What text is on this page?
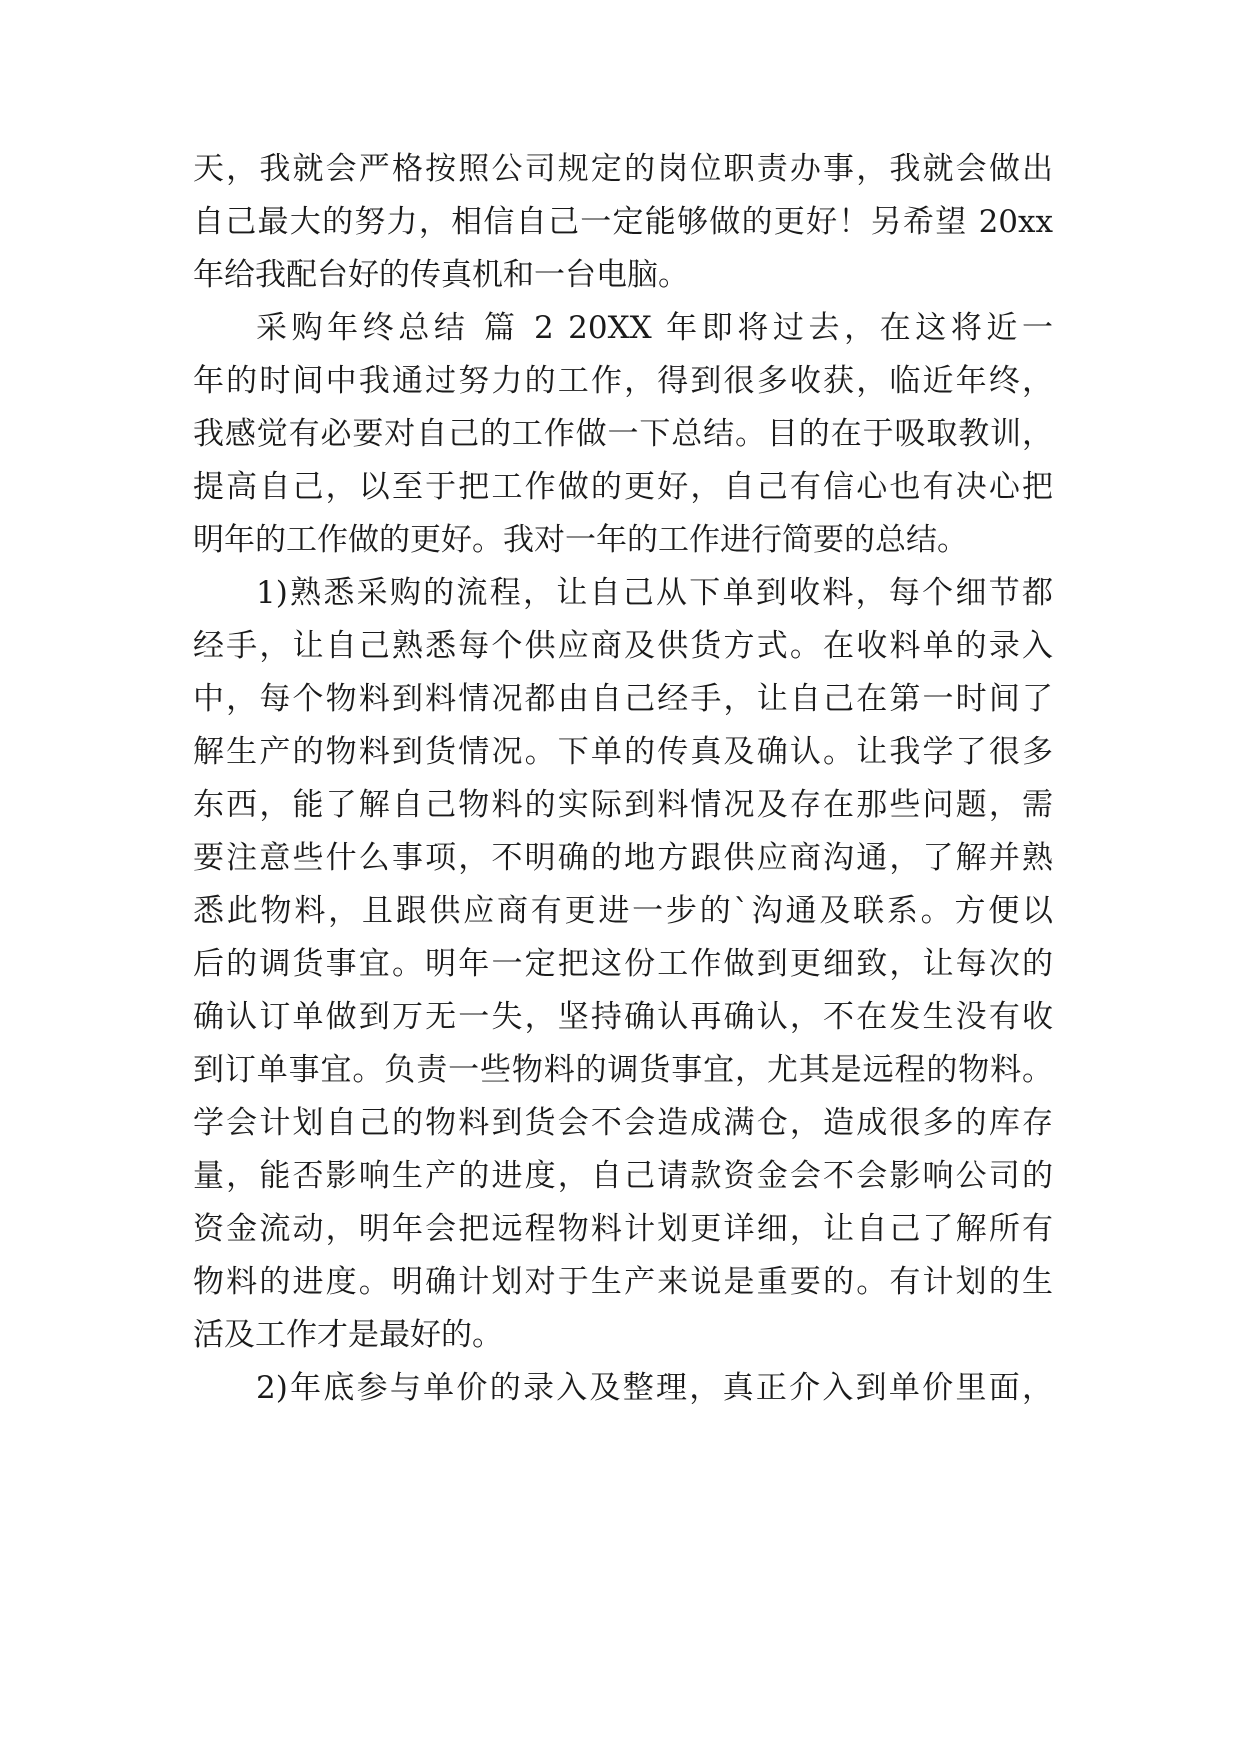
天，我就会严格按照公司规定的岗位职责办事，我就会做出
自己最大的努力，相信自己一定能够做的更好！另希望 20xx
年给我配台好的传真机和一台电脑。
采购年终总结 篇 2 20XX 年即将过去，在这将近一
年的时间中我通过努力的工作，得到很多收获，临近年终，
我感觉有必要对自己的工作做一下总结。目的在于吸取教训，
提高自己，以至于把工作做的更好，自己有信心也有决心把
明年的工作做的更好。我对一年的工作进行简要的总结。
1)熟悉采购的流程，让自己从下单到收料，每个细节都
经手，让自己熟悉每个供应商及供货方式。在收料单的录入
中，每个物料到料情况都由自己经手，让自己在第一时间了
解生产的物料到货情况。下单的传真及确认。让我学了很多
东西，能了解自己物料的实际到料情况及存在那些问题，需
要注意些什么事项，不明确的地方跟供应商沟通，了解并熟
悉此物料，且跟供应商有更进一步的`沟通及联系。方便以
后的调货事宜。明年一定把这份工作做到更细致，让每次的
确认订单做到万无一失，坚持确认再确认，不在发生没有收
到订单事宜。负责一些物料的调货事宜，尤其是远程的物料。
学会计划自己的物料到货会不会造成满仓，造成很多的库存
量，能否影响生产的进度，自己请款资金会不会影响公司的
资金流动，明年会把远程物料计划更详细，让自己了解所有
物料的进度。明确计划对于生产来说是重要的。有计划的生
活及工作才是最好的。
2)年底参与单价的录入及整理，真正介入到单价里面，
